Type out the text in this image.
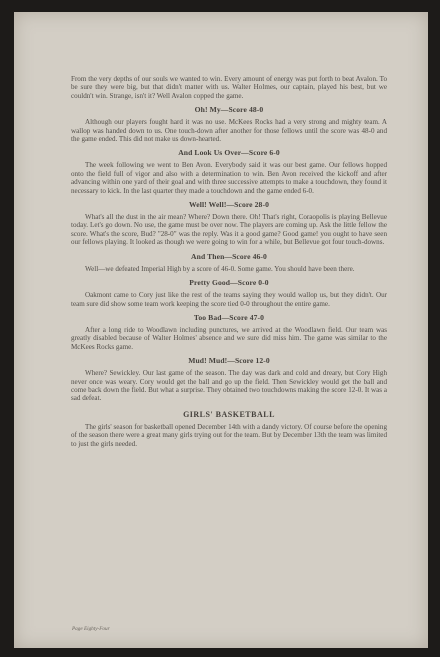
From the very depths of our souls we wanted to win. Every amount of energy was put forth to beat Avalon. To be sure they were big, but that didn't matter with us. Walter Holmes, our captain, played his best, but we couldn't win. Strange, isn't it? Well Avalon copped the game.

Oh! My—Score 48-0

Although our players fought hard it was no use. McKees Rocks had a very strong and mighty team. A wallop was handed down to us. One touch-down after another for those fellows until the score was 48-0 and the game ended. This did not make us down-hearted.

And Look Us Over—Score 6-0

The week following we went to Ben Avon. Everybody said it was our best game. Our fellows hopped onto the field full of vigor and also with a determination to win. Ben Avon received the kickoff and after advancing within one yard of their goal and with three successive attempts to make a touchdown, they found it necessary to kick. In the last quarter they made a touchdown and the game ended 6-0.

Well! Well!—Score 28-0

What's all the dust in the air mean? Where? Down there. Oh! That's right, Coraopolis is playing Bellevue today. Let's go down. No use, the game must be over now. The players are coming up. Ask the little fellow the score. What's the score, Bud? "28-0" was the reply. Was it a good game? Good game! you ought to have seen our fellows playing. It looked as though we were going to win for a while, but Bellevue got four touch-downs.

And Then—Score 46-0

Well—we defeated Imperial High by a score of 46-0. Some game. You should have been there.

Pretty Good—Score 0-0

Oakmont came to Cory just like the rest of the teams saying they would wallop us, but they didn't. Our team sure did show some team work keeping the score tied 0-0 throughout the entire game.

Too Bad—Score 47-0

After a long ride to Woodlawn including punctures, we arrived at the Woodlawn field. Our team was greatly disabled because of Walter Holmes' absence and we sure did miss him. The game was similar to the McKees Rocks game.

Mud! Mud!—Score 12-0

Where? Sewickley. Our last game of the season. The day was dark and cold and dreary, but Cory High never once was weary. Cory would get the ball and go up the field. Then Sewickley would get the ball and come back down the field. But what a surprise. They obtained two touchdowns making the score 12-0. It was a sad defeat.

GIRLS' BASKETBALL

The girls' season for basketball opened December 14th with a dandy victory. Of course before the opening of the season there were a great many girls trying out for the team. But by December 13th the team was limited to just the girls needed.

Page Eighty-Four
